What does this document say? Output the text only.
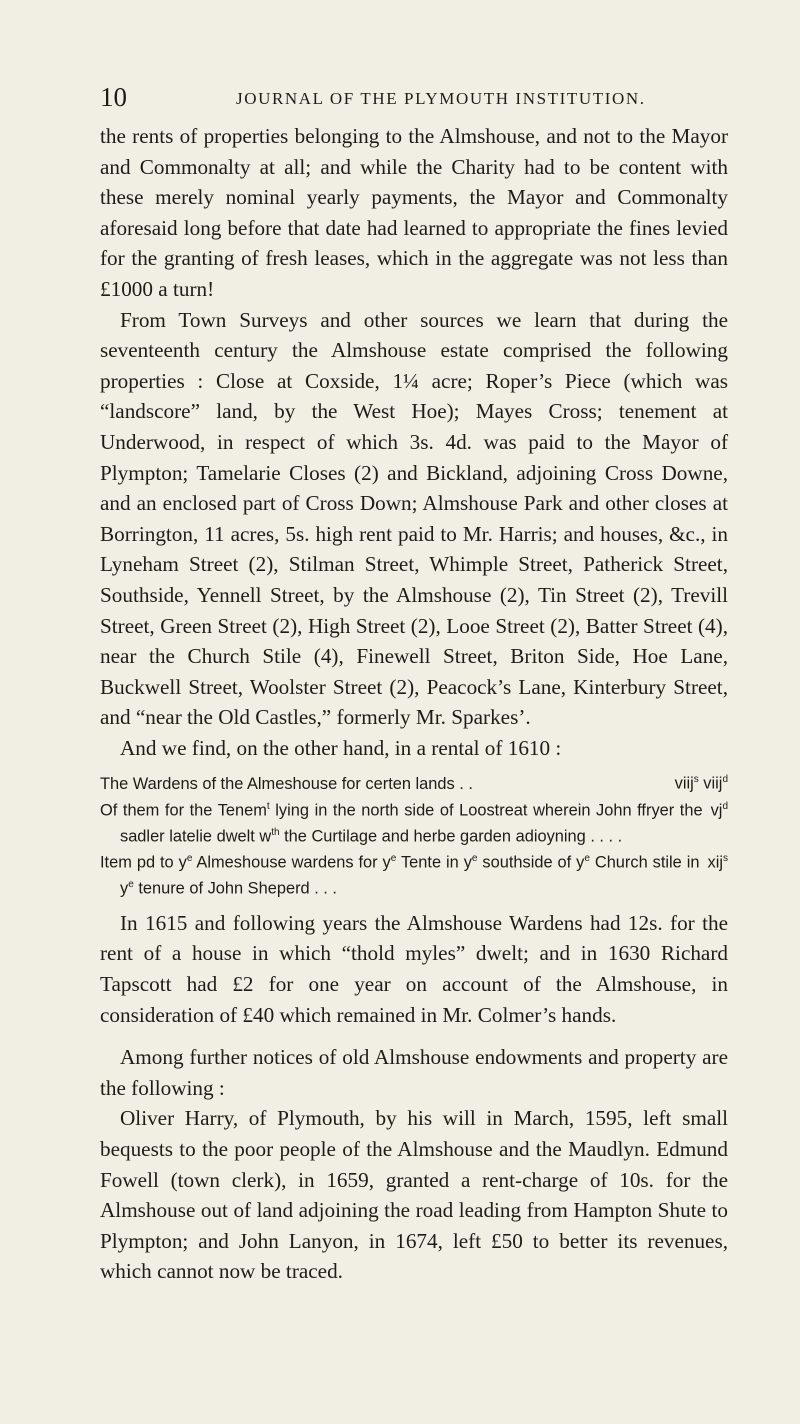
10	JOURNAL OF THE PLYMOUTH INSTITUTION.

the rents of properties belonging to the Almshouse, and not to the Mayor and Commonalty at all; and while the Charity had to be content with these merely nominal yearly payments, the Mayor and Commonalty aforesaid long before that date had learned to appropriate the fines levied for the granting of fresh leases, which in the aggregate was not less than £1000 a turn!

From Town Surveys and other sources we learn that during the seventeenth century the Almshouse estate comprised the following properties : Close at Coxside, 1¼ acre; Roper’s Piece (which was “landscore” land, by the West Hoe); Mayes Cross; tenement at Underwood, in respect of which 3s. 4d. was paid to the Mayor of Plympton; Tamelarie Closes (2) and Bickland, adjoining Cross Downe, and an enclosed part of Cross Down; Almshouse Park and other closes at Borrington, 11 acres, 5s. high rent paid to Mr. Harris; and houses, &c., in Lyneham Street (2), Stilman Street, Whimple Street, Patherick Street, Southside, Yennell Street, by the Almshouse (2), Tin Street (2), Trevill Street, Green Street (2), High Street (2), Looe Street (2), Batter Street (4), near the Church Stile (4), Finewell Street, Briton Side, Hoe Lane, Buckwell Street, Woolster Street (2), Peacock’s Lane, Kinterbury Street, and “near the Old Castles,” formerly Mr. Sparkes’.

And we find, on the other hand, in a rental of 1610 :

The Wardens of the Almeshouse for certen lands . .	viij$^s$ viij$^d$
Of them for the Tenem$^t$ lying in the north side of Loostreat wherein John ffryer the sadler latelie dwelt $w^{th}$ the Curtilage and herbe garden adioyning . . . .
$vj^d$
Item pd to $y^e$ Almeshouse wardens for $y^e$ Tente in $y^e$ southside of $y^e$ Church stile in $y^e$ tenure of John Sheperd . . .
xij$^s$

In 1615 and following years the Almshouse Wardens had 12s. for the rent of a house in which “thold myles” dwelt; and in 1630 Richard Tapscott had £2 for one year on account of the Almshouse, in consideration of £40 which remained in Mr. Colmer’s hands.

Among further notices of old Almshouse endowments and property are the following :

Oliver Harry, of Plymouth, by his will in March, 1595, left small bequests to the poor people of the Almshouse and the Maudlyn. Edmund Fowell (town clerk), in 1659, granted a rent-charge of 10s. for the Almshouse out of land adjoining the road leading from Hampton Shute to Plympton; and John Lanyon, in 1674, left £50 to better its revenues, which cannot now be traced.
